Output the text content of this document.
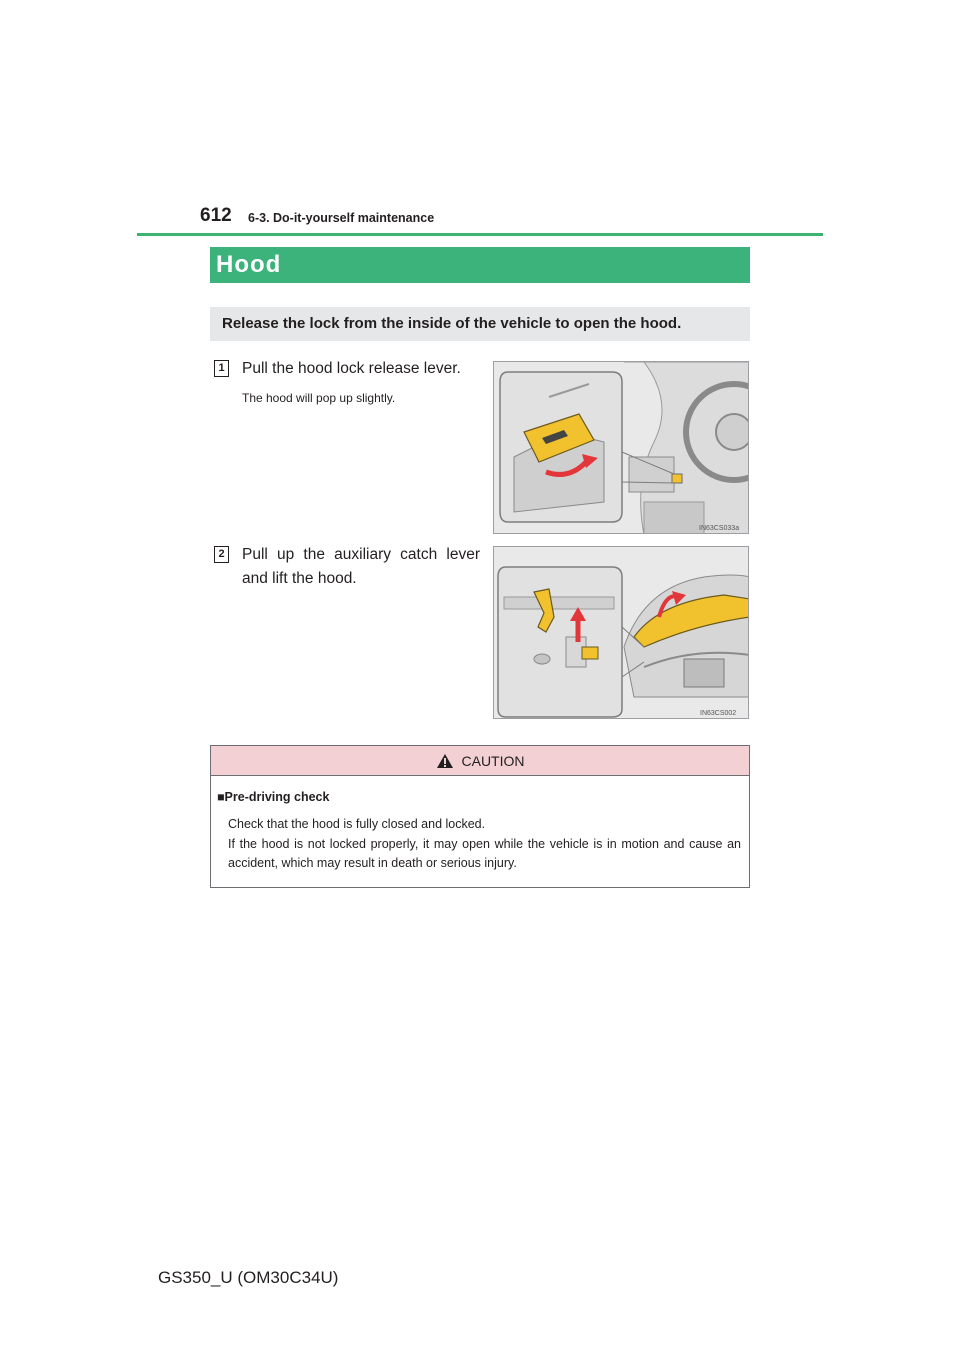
612 6-3. Do-it-yourself maintenance
Hood
Release the lock from the inside of the vehicle to open the hood.
1 Pull the hood lock release lever.
The hood will pop up slightly.
IN63CS033a
2 Pull up the auxiliary catch lever
and lift the hood.
IN63CS002
CAUTION
■Pre-driving check

Check that the hood is fully closed and locked.

If the hood is not locked properly, it may open while the vehicle is in motion and cause an accident, which may result in death or serious injury.

GS350_U (OM30C34U)
